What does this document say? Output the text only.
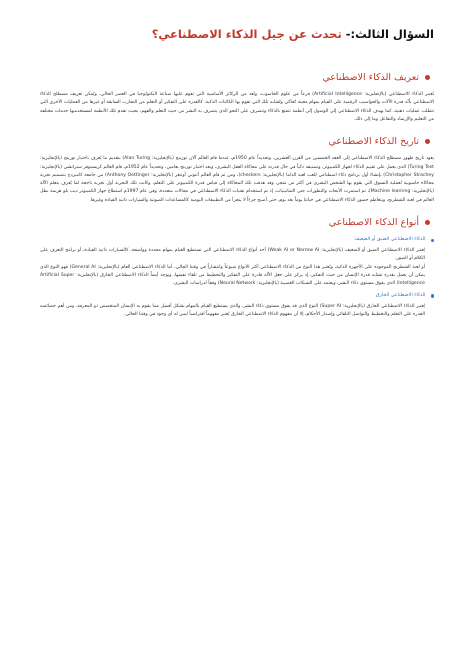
السؤال الثالث:- تحدث عن جيل الذكاء الاصطناعي؟
تعريف الذكاء الاصطناعي

يُعتبر الذكاء الاصطناعي (بالإنجليزية: Artificial Intelligence) فرعاً من علوم الحاسوب، ويُعد من الركائز الأساسية التي تقوم عليها صناعة التكنولوجيا في العصر الحالي، ويُمكن تعريف مصطلح الذكاء الاصطناعي بأنّه قدرة الآلات والحواسيب الرقمية على القيام بمهام معينة تُحاكي وتُشابه تلك التي تقوم بها الكائنات الذكية، كالقدرة على التفكير أو التعلم من التجارب السابقة أو غيرها من العمليات الأخرى التي تتطلب عمليات ذهنية، كما يهدف الذكاء الاصطناعي إلى الوصول إلى أنظمة تتمتع بالذكاء وتتصرف على النحو الذي يتصرف به البشر من حيث التعلم والفهم، بحيث تقدم تلك الأنظمة لمستخدميها خدمات مختلفة من التعليم والإرشاد والتفاعل وما إلى ذلك.

تاريخ الذكاء الاصطناعي

يعود تاريخ ظهور مصطلح الذكاء الاصطناعي إلى العقد الخمسين من القرن العشرين، وتحديداً عام 1950م، عندما قام العالم آلان تورينج (بالإنجليزية: Alan Turing) بتقديم ما يُعرف باختبار تورينج (بالإنجليزية: Turing Test) الذي يعمل على تقييم الذكاء لجهاز الكمبيوتر، وتصنيفه ذكياً في حال قدرته على محاكاة العقل البشري، وبعد اختبار تورينج بعامين، وتحديداً عام 1952م، قام العالم كريستوفر ستراتشي (بالإنجليزية: Christopher Strachey) بإنشاء أول برنامج ذكاء اصطناعي للعب لعبة الداما (بالإنجليزية: checkers)، ومن ثم قام العالم أنتوني أوتنغر (بالإنجليزية: Anthony Oettinger) من جامعة كامبردج بتصميم تجربة محاكاة حاسوبية لعملية التسوق التي يقوم بها الشخص البشري في أكثر من متجر، وقد هدفت تلك المحاكاة إلى قياس قدرة الكمبيوتر على التعلم، وكانت تلك التجربة أول تجربة ناجحة لما يُعرف بتعلم الآلة (بالإنجليزية: Machine learning)، ثم استمرت الأبحاث والتطورات حتى الثمانينيات، إذ تم استخدام تقنيات الذكاء الاصطناعي في مجالات متعددة، وفي عام 1997م استطاع جهاز الكمبيوتر ديب بلو هزيمة بطل العالم في لعبة الشطرنج، ويتعاظم حضور الذكاء الاصطناعي في حياتنا يوماً بعد يوم، حتى أصبح جزءاً لا يتجزأ من التطبيقات اليومية كالمساعدات الصوتية والسيارات ذاتية القيادة وغيرها.

أنواع الذكاء الاصطناعي
الذكاء الاصطناعي الضيق أو الضعيف

يُعتبر الذكاء الاصطناعي الضيق أو الضعيف (بالإنجليزية: Weak AI or Narrow AI) أحد أنواع الذكاء الاصطناعي التي تستطيع القيام بمهام محددة وواضحة، كالسيارات ذاتية القيادة، أو برامج التعرف على الكلام أو الصور.

أو لعبة الشطرنج الموجودة على الأجهزة الذكية، ويُعتبر هذا النوع من الذكاء الاصطناعي أكثر الأنواع شيوعاً وانتشاراً في وقتنا الحالي، أما الذكاء الاصطناعي العام (بالإنجليزية: General AI) فهو النوع الذي يمكن أن يعمل بقدرة تشابه قدرة الإنسان من حيث التفكير، إذ يركز على جعل الآلة قادرة على التفكير والتخطيط من تلقاء نفسها، ويوجد أيضاً الذكاء الاصطناعي الخارق (بالإنجليزية: Artificial Super Intelligence) الذي يفوق مستوى ذكاء البشر، ويعتمد على الشبكات العصبية (بالإنجليزية: Neural Network) وفقاً لدراسات البشري.

الذكاء الاصطناعي الخارق

يُعتبر الذكاء الاصطناعي الخارق (بالإنجليزية: Super AI) النوع الذي قد يفوق مستوى ذكاء البشر، والذي يستطيع القيام بالمهام بشكل أفضل مما يقوم به الإنسان المتخصص ذو المعرفة، ومن أهم خصائصه القدرة على التعلم والتخطيط والتواصل التلقائي وإصدار الأحكام، إلا أن مفهوم الذكاء الاصطناعي الخارق يُعتبر مفهوماً افتراضياً ليس له أي وجود في وقتنا الحالي.
